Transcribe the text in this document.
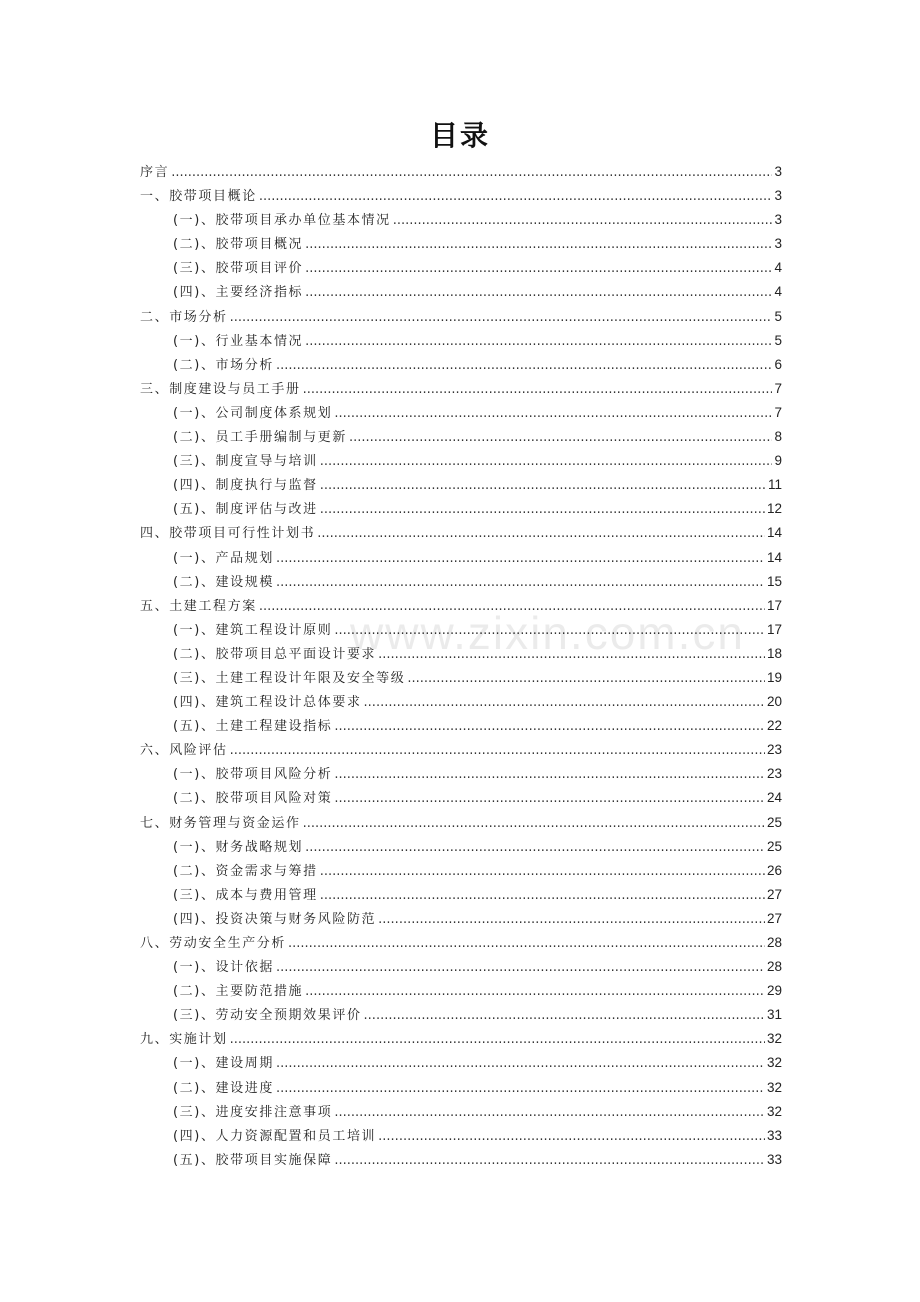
目录
序言 .....	3
一、胶带项目概论 .....	3
(一)、胶带项目承办单位基本情况 .....	3
(二)、胶带项目概况 .....	3
(三)、胶带项目评价 .....	4
(四)、主要经济指标 .....	4
二、市场分析 .....	5
(一)、行业基本情况 .....	5
(二)、市场分析 .....	6
三、制度建设与员工手册 .....	7
(一)、公司制度体系规划 .....	7
(二)、员工手册编制与更新 .....	8
(三)、制度宣导与培训 .....	9
(四)、制度执行与监督 .....	11
(五)、制度评估与改进 .....	12
四、胶带项目可行性计划书 .....	14
(一)、产品规划 .....	14
(二)、建设规模 .....	15
五、土建工程方案 .....	17
(一)、建筑工程设计原则 .....	17
(二)、胶带项目总平面设计要求 .....	18
(三)、土建工程设计年限及安全等级 .....	19
(四)、建筑工程设计总体要求 .....	20
(五)、土建工程建设指标 .....	22
六、风险评估 .....	23
(一)、胶带项目风险分析 .....	23
(二)、胶带项目风险对策 .....	24
七、财务管理与资金运作 .....	25
(一)、财务战略规划 .....	25
(二)、资金需求与筹措 .....	26
(三)、成本与费用管理 .....	27
(四)、投资决策与财务风险防范 .....	27
八、劳动安全生产分析 .....	28
(一)、设计依据 .....	28
(二)、主要防范措施 .....	29
(三)、劳动安全预期效果评价 .....	31
九、实施计划 .....	32
(一)、建设周期 .....	32
(二)、建设进度 .....	32
(三)、进度安排注意事项 .....	32
(四)、人力资源配置和员工培训 .....	33
(五)、胶带项目实施保障 .....	33
www.zixin.com.cn
